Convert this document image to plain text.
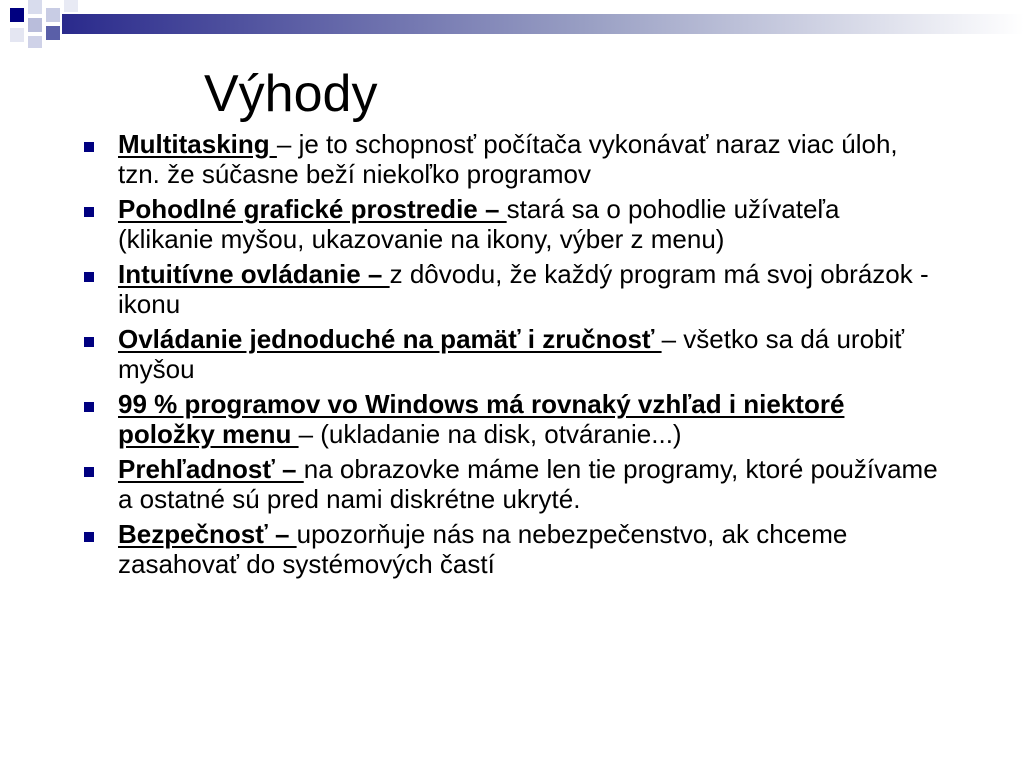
Výhody
Multitasking – je to schopnosť počítača vykonávať naraz viac úloh, tzn. že súčasne beží niekoľko programov
Pohodlné grafické prostredie – stará sa o pohodlie užívateľa (klikanie myšou, ukazovanie na ikony, výber z menu)
Intuitívne ovládanie – z dôvodu, že každý program má svoj obrázok - ikonu
Ovládanie jednoduché na pamäť i zručnosť – všetko sa dá urobiť myšou
99 % programov vo Windows má rovnaký vzhľad i niektoré položky menu – (ukladanie na disk, otváranie...)
Prehľadnosť – na obrazovke máme len tie programy, ktoré používame a ostatné sú pred nami diskrétne ukryté.
Bezpečnosť – upozorňuje nás na nebezpečenstvo, ak chceme zasahovať do systémových častí
